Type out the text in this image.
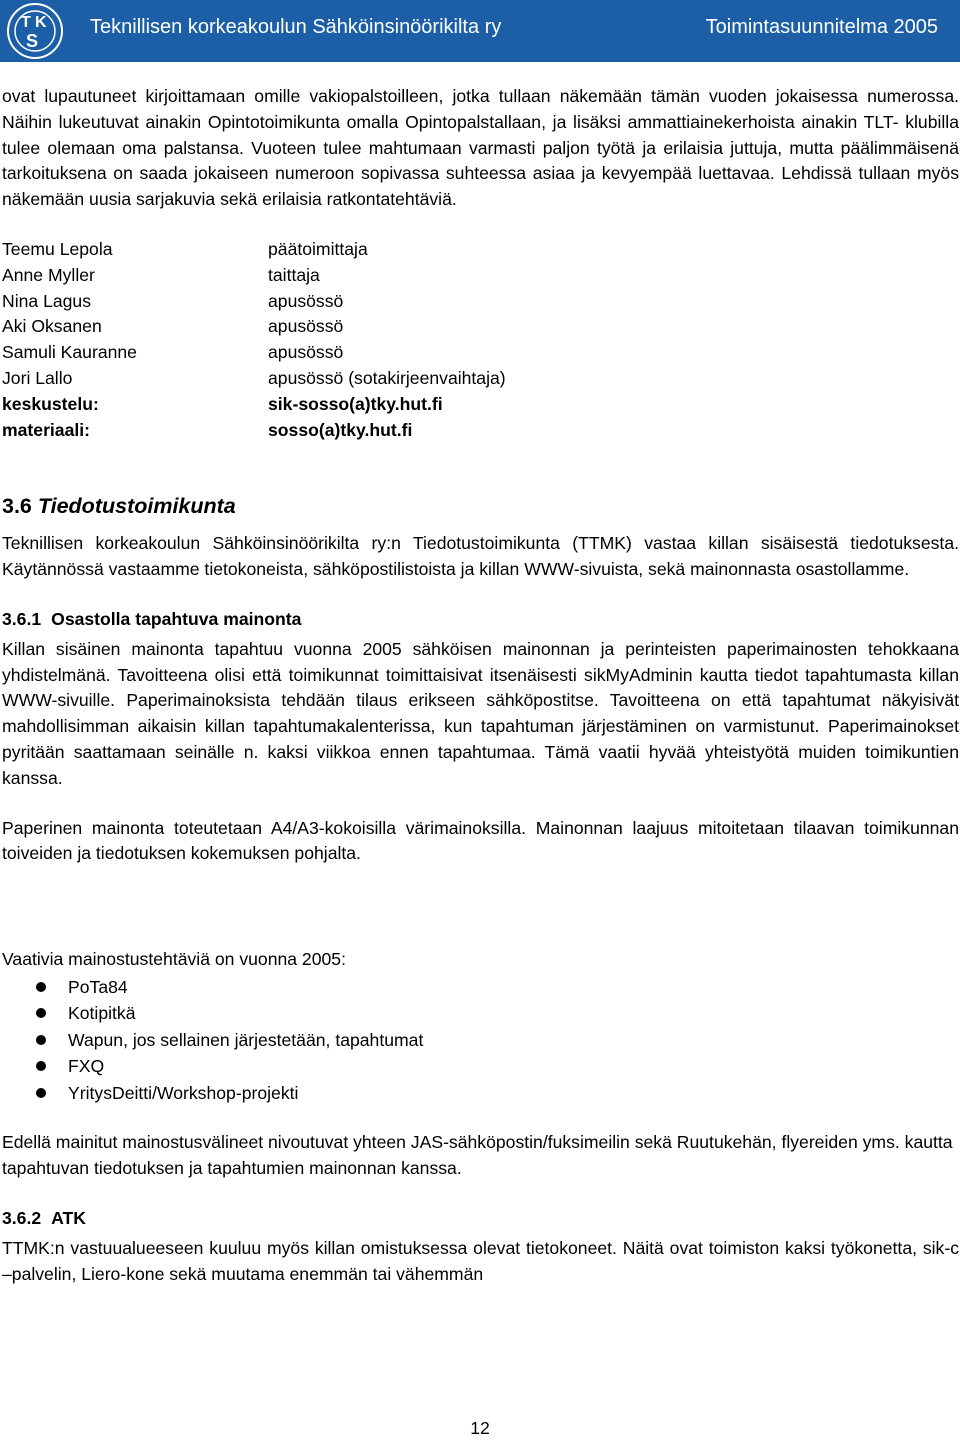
T K
S
Teknillisen korkeakoulun Sähköinsinöörikilta ry	Toimintasuunnitelma 2005

ovat lupautuneet kirjoittamaan omille vakiopalstoilleen, jotka tullaan näkemään tämän vuoden jokaisessa numerossa. Näihin lukeutuvat ainakin Opintotoimikunta omalla Opintopalstallaan, ja lisäksi ammattiainekerhoista ainakin TLT- klubilla tulee olemaan oma palstansa. Vuoteen tulee mahtumaan varmasti paljon työtä ja erilaisia juttuja, mutta päälimmäisenä tarkoituksena on saada jokaiseen numeroon sopivassa suhteessa asiaa ja kevyempää luettavaa. Lehdissä tullaan myös näkemään uusia sarjakuvia sekä erilaisia ratkontatehtäviä.

Teemu Lepola	päätoimittaja
Anne Myller	taittaja
Nina Lagus	apusössö
Aki Oksanen	apusössö
Samuli Kauranne	apusössö
Jori Lallo	apusössö (sotakirjeenvaihtaja)
keskustelu:	sik-sosso(a)tky.hut.fi
materiaali:	sosso(a)tky.hut.fi
3.6 Tiedotustoimikunta

Teknillisen korkeakoulun Sähköinsinöörikilta ry:n Tiedotustoimikunta (TTMK) vastaa killan sisäisestä tiedotuksesta. Käytännössä vastaamme tietokoneista, sähköpostilistoista ja killan WWW-sivuista, sekä mainonnasta osastollamme.

3.6.1 Osastolla tapahtuva mainonta

Killan sisäinen mainonta tapahtuu vuonna 2005 sähköisen mainonnan ja perinteisten paperimainosten tehokkaana yhdistelmänä. Tavoitteena olisi että toimikunnat toimittaisivat itsenäisesti sikMyAdminin kautta tiedot tapahtumasta killan WWW-sivuille. Paperimainoksista tehdään tilaus erikseen sähköpostitse. Tavoitteena on että tapahtumat näkyisivät mahdollisimman aikaisin killan tapahtumakalenterissa, kun tapahtuman järjestäminen on varmistunut. Paperimainokset pyritään saattamaan seinälle n. kaksi viikkoa ennen tapahtumaa. Tämä vaatii hyvää yhteistyötä muiden toimikuntien kanssa.

Paperinen mainonta toteutetaan A4/A3-kokoisilla värimainoksilla. Mainonnan laajuus mitoitetaan tilaavan toimikunnan toiveiden ja tiedotuksen kokemuksen pohjalta.

Vaativia mainostustehtäviä on vuonna 2005:

PoTa84
Kotipitkä
Wapun, jos sellainen järjestetään, tapahtumat
FXQ
YritysDeitti/Workshop-projekti

Edellä mainitut mainostusvälineet nivoutuvat yhteen JAS-sähköpostin/fuksimeilin sekä Ruutukehän, flyereiden yms. kautta tapahtuvan tiedotuksen ja tapahtumien mainonnan kanssa.

3.6.2 ATK

TTMK:n vastuualueeseen kuuluu myös killan omistuksessa olevat tietokoneet. Näitä ovat toimiston kaksi työkonetta, sik-c –palvelin, Liero-kone sekä muutama enemmän tai vähemmän

12
